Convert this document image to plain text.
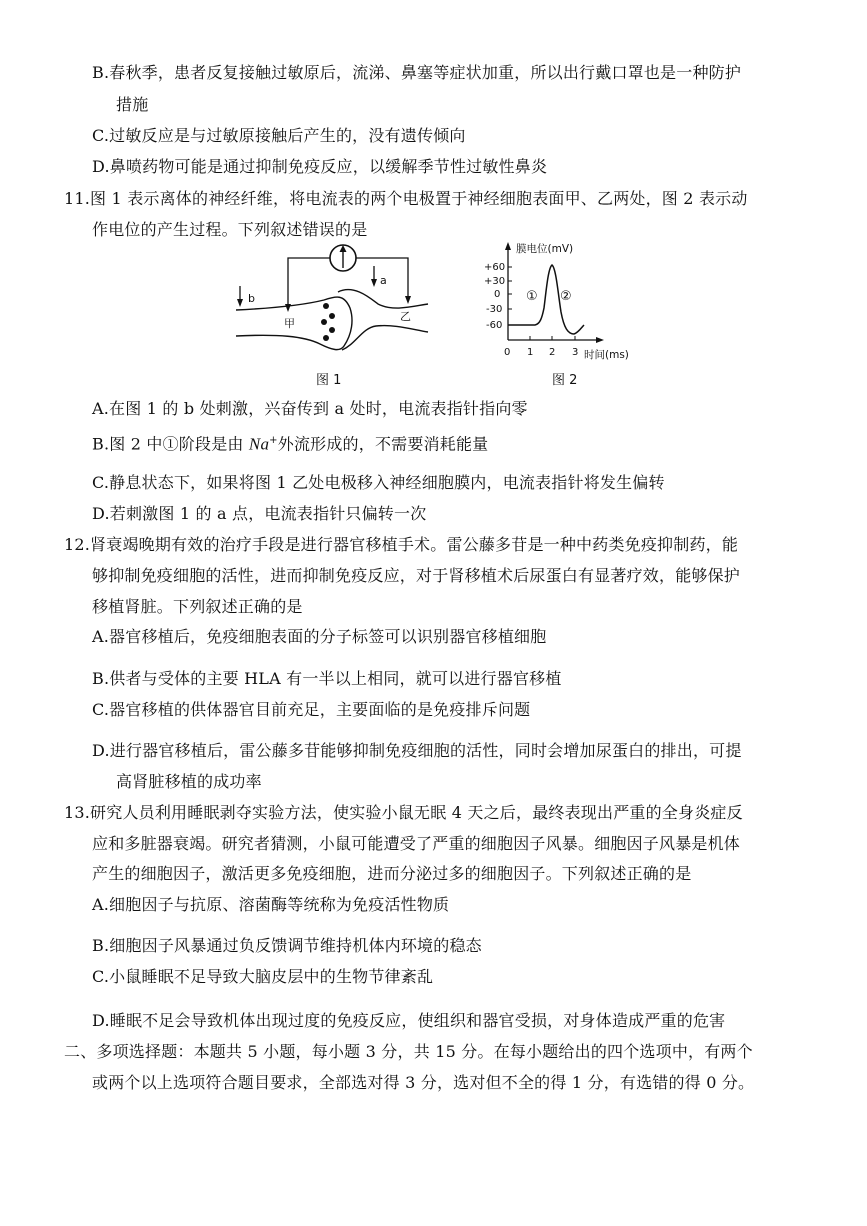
B.春秋季，患者反复接触过敏原后，流涕、鼻塞等症状加重，所以出行戴口罩也是一种防护
措施
C.过敏反应是与过敏原接触后产生的，没有遗传倾向
D.鼻喷药物可能是通过抑制免疫反应，以缓解季节性过敏性鼻炎
11.图 1 表示离体的神经纤维，将电流表的两个电极置于神经细胞表面甲、乙两处，图 2 表示动
作电位的产生过程。下列叙述错误的是
b
a
甲
乙
图 1
膜电位(mV)
+60
+30
0
-30
-60
0 1 2 3 时间(ms)
① ②
图 2
A.在图 1 的 b 处刺激，兴奋传到 a 处时，电流表指针指向零
B.图 2 中①阶段是由 Na+外流形成的，不需要消耗能量
C.静息状态下，如果将图 1 乙处电极移入神经细胞膜内，电流表指针将发生偏转
D.若刺激图 1 的 a 点，电流表指针只偏转一次
12.肾衰竭晚期有效的治疗手段是进行器官移植手术。雷公藤多苷是一种中药类免疫抑制药，能
够抑制免疫细胞的活性，进而抑制免疫反应，对于肾移植术后尿蛋白有显著疗效，能够保护
移植肾脏。下列叙述正确的是
A.器官移植后，免疫细胞表面的分子标签可以识别器官移植细胞
B.供者与受体的主要 HLA 有一半以上相同，就可以进行器官移植
C.器官移植的供体器官目前充足，主要面临的是免疫排斥问题
D.进行器官移植后，雷公藤多苷能够抑制免疫细胞的活性，同时会增加尿蛋白的排出，可提
高肾脏移植的成功率
13.研究人员利用睡眠剥夺实验方法，使实验小鼠无眠 4 天之后，最终表现出严重的全身炎症反
应和多脏器衰竭。研究者猜测，小鼠可能遭受了严重的细胞因子风暴。细胞因子风暴是机体
产生的细胞因子，激活更多免疫细胞，进而分泌过多的细胞因子。下列叙述正确的是
A.细胞因子与抗原、溶菌酶等统称为免疫活性物质
B.细胞因子风暴通过负反馈调节维持机体内环境的稳态
C.小鼠睡眠不足导致大脑皮层中的生物节律紊乱
D.睡眠不足会导致机体出现过度的免疫反应，使组织和器官受损，对身体造成严重的危害
二、多项选择题：本题共 5 小题，每小题 3 分，共 15 分。在每小题给出的四个选项中，有两个
或两个以上选项符合题目要求，全部选对得 3 分，选对但不全的得 1 分，有选错的得 0 分。
